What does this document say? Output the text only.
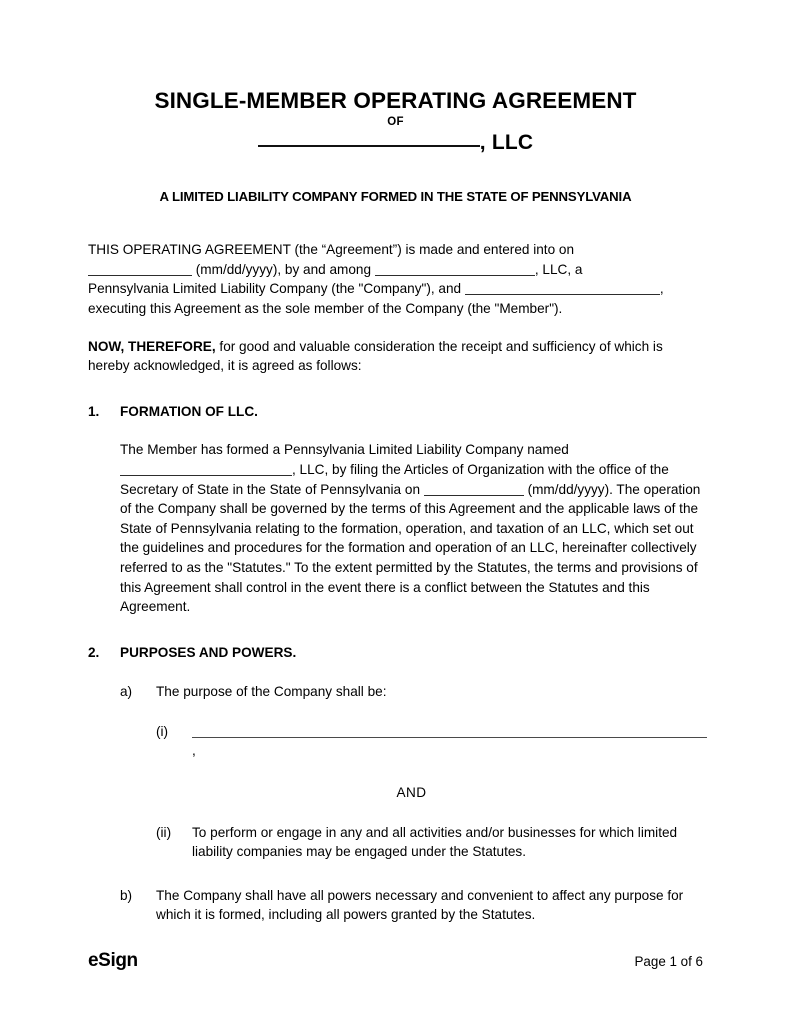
SINGLE-MEMBER OPERATING AGREEMENT
OF
, LLC
A LIMITED LIABILITY COMPANY FORMED IN THE STATE OF PENNSYLVANIA

THIS OPERATING AGREEMENT (the “Agreement”) is made and entered into on
(mm/dd/yyyy), by and among	, LLC, a
Pennsylvania Limited Liability Company (the "Company"), and	,
executing this Agreement as the sole member of the Company (the "Member").

NOW, THEREFORE, for good and valuable consideration the receipt and sufficiency of which is hereby acknowledged, it is agreed as follows:

1.	FORMATION OF LLC.

The Member has formed a Pennsylvania Limited Liability Company named
, LLC, by filing the Articles of Organization with the office of the Secretary of State in the State of Pennsylvania on	(mm/dd/yyyy). The operation of the Company shall be governed by the terms of this Agreement and the applicable laws of the State of Pennsylvania relating to the formation, operation, and taxation of an LLC, which set out the guidelines and procedures for the formation and operation of an LLC, hereinafter collectively referred to as the "Statutes." To the extent permitted by the Statutes, the terms and provisions of this Agreement shall control in the event there is a conflict between the Statutes and this Agreement.

2.	PURPOSES AND POWERS.
a)	The purpose of the Company shall be:
(i)
,
AND
(ii)	To perform or engage in any and all activities and/or businesses for which limited liability companies may be engaged under the Statutes.
b)	The Company shall have all powers necessary and convenient to affect any purpose for which it is formed, including all powers granted by the Statutes.
eSign	Page 1 of 6
